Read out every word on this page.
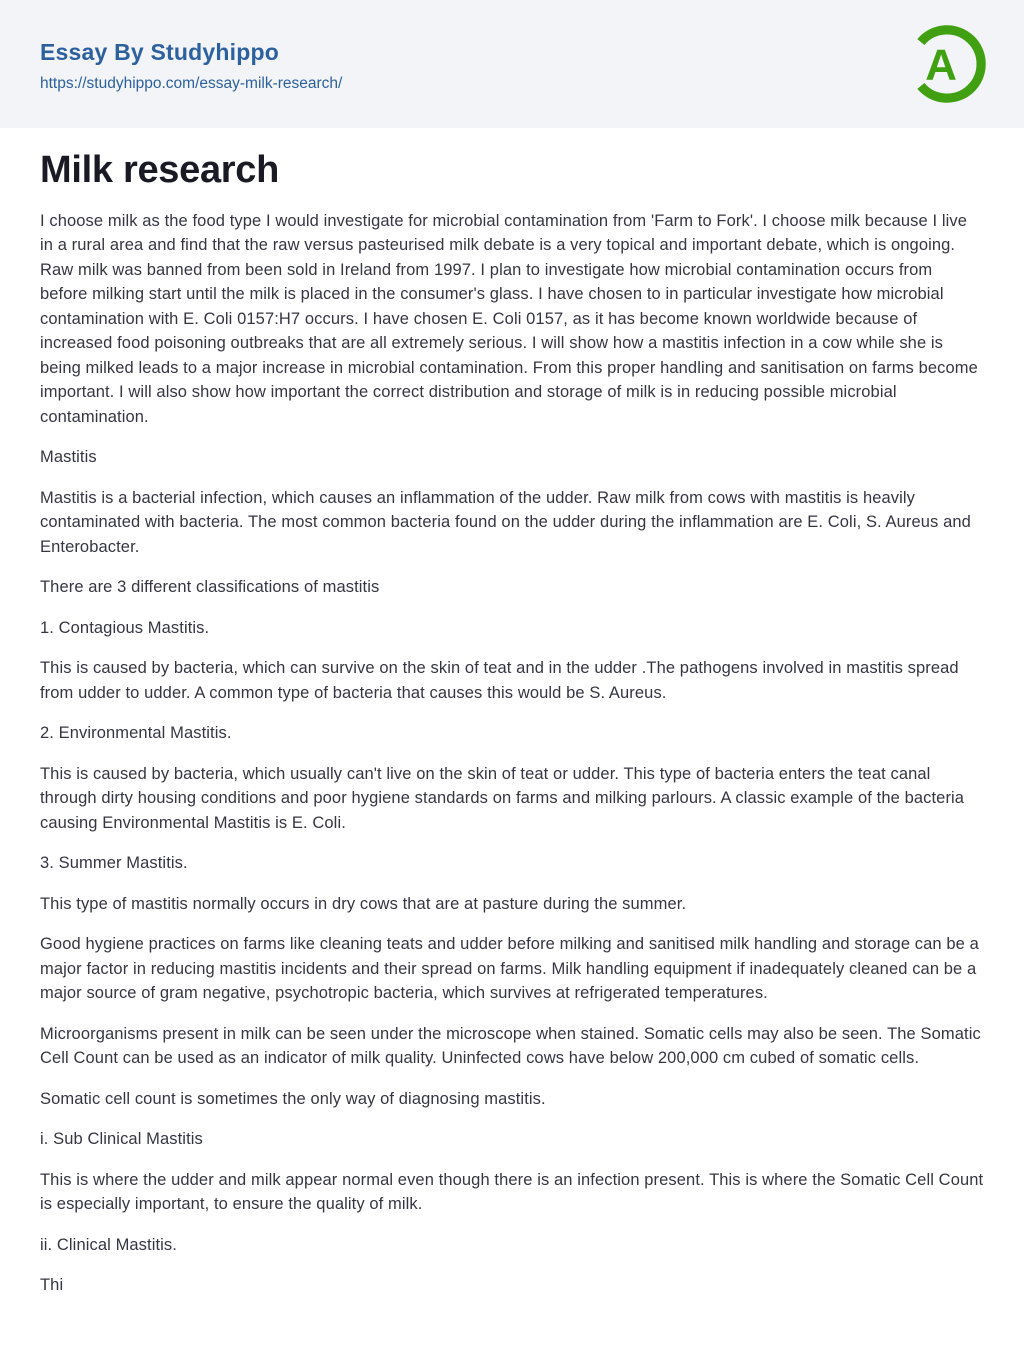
Essay By Studyhippo
https://studyhippo.com/essay-milk-research/	A
Milk research

I choose milk as the food type I would investigate for microbial contamination from 'Farm to Fork'. I choose milk because I live in a rural area and find that the raw versus pasteurised milk debate is a very topical and important debate, which is ongoing. Raw milk was banned from been sold in Ireland from 1997. I plan to investigate how microbial contamination occurs from before milking start until the milk is placed in the consumer's glass. I have chosen to in particular investigate how microbial contamination with E. Coli 0157:H7 occurs. I have chosen E. Coli 0157, as it has become known worldwide because of increased food poisoning outbreaks that are all extremely serious. I will show how a mastitis infection in a cow while she is being milked leads to a major increase in microbial contamination. From this proper handling and sanitisation on farms become important. I will also show how important the correct distribution and storage of milk is in reducing possible microbial contamination.

Mastitis

Mastitis is a bacterial infection, which causes an inflammation of the udder. Raw milk from cows with mastitis is heavily contaminated with bacteria. The most common bacteria found on the udder during the inflammation are E. Coli, S. Aureus and Enterobacter.

There are 3 different classifications of mastitis

1. Contagious Mastitis.

This is caused by bacteria, which can survive on the skin of teat and in the udder .The pathogens involved in mastitis spread from udder to udder. A common type of bacteria that causes this would be S. Aureus.

2. Environmental Mastitis.

This is caused by bacteria, which usually can't live on the skin of teat or udder. This type of bacteria enters the teat canal through dirty housing conditions and poor hygiene standards on farms and milking parlours. A classic example of the bacteria causing Environmental Mastitis is E. Coli.

3. Summer Mastitis.

This type of mastitis normally occurs in dry cows that are at pasture during the summer.

Good hygiene practices on farms like cleaning teats and udder before milking and sanitised milk handling and storage can be a major factor in reducing mastitis incidents and their spread on farms. Milk handling equipment if inadequately cleaned can be a major source of gram negative, psychotropic bacteria, which survives at refrigerated temperatures.

Microorganisms present in milk can be seen under the microscope when stained. Somatic cells may also be seen. The Somatic Cell Count can be used as an indicator of milk quality. Uninfected cows have below 200,000 cm cubed of somatic cells.

Somatic cell count is sometimes the only way of diagnosing mastitis.

i. Sub Clinical Mastitis

This is where the udder and milk appear normal even though there is an infection present. This is where the Somatic Cell Count is especially important, to ensure the quality of milk.

ii. Clinical Mastitis.

Thi
